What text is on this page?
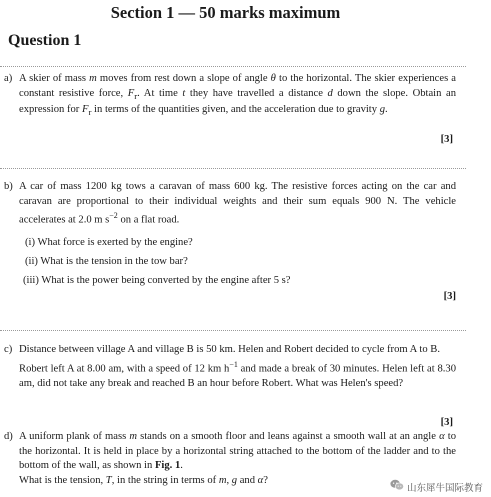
Section 1 — 50 marks maximum
Question 1
a) A skier of mass m moves from rest down a slope of angle θ to the horizontal. The skier experiences a constant resistive force, $F_r$. At time t they have travelled a distance d down the slope. Obtain an expression for $F_r$ in terms of the quantities given, and the acceleration due to gravity g.
[3]
b) A car of mass 1200 kg tows a caravan of mass 600 kg. The resistive forces acting on the car and caravan are proportional to their individual weights and their sum equals 900 N. The vehicle accelerates at 2.0 m $s^{-2}$ on a flat road.
(i) What force is exerted by the engine?
(ii) What is the tension in the tow bar?
(iii) What is the power being converted by the engine after 5 s?
[3]
c) Distance between village A and village B is 50 km. Helen and Robert decided to cycle from A to B.
Robert left A at 8.00 am, with a speed of 12 km $h^{-1}$ and made a break of 30 minutes. Helen left at 8.30 am, did not take any break and reached B an hour before Robert. What was Helen's speed?
[3]
d) A uniform plank of mass m stands on a smooth floor and leans against a smooth wall at an angle α to the horizontal. It is held in place by a horizontal string attached to the bottom of the ladder and to the bottom of the wall, as shown in Fig. 1.
What is the tension, T, in the string in terms of m, g and α?
山东犀牛国际教育
